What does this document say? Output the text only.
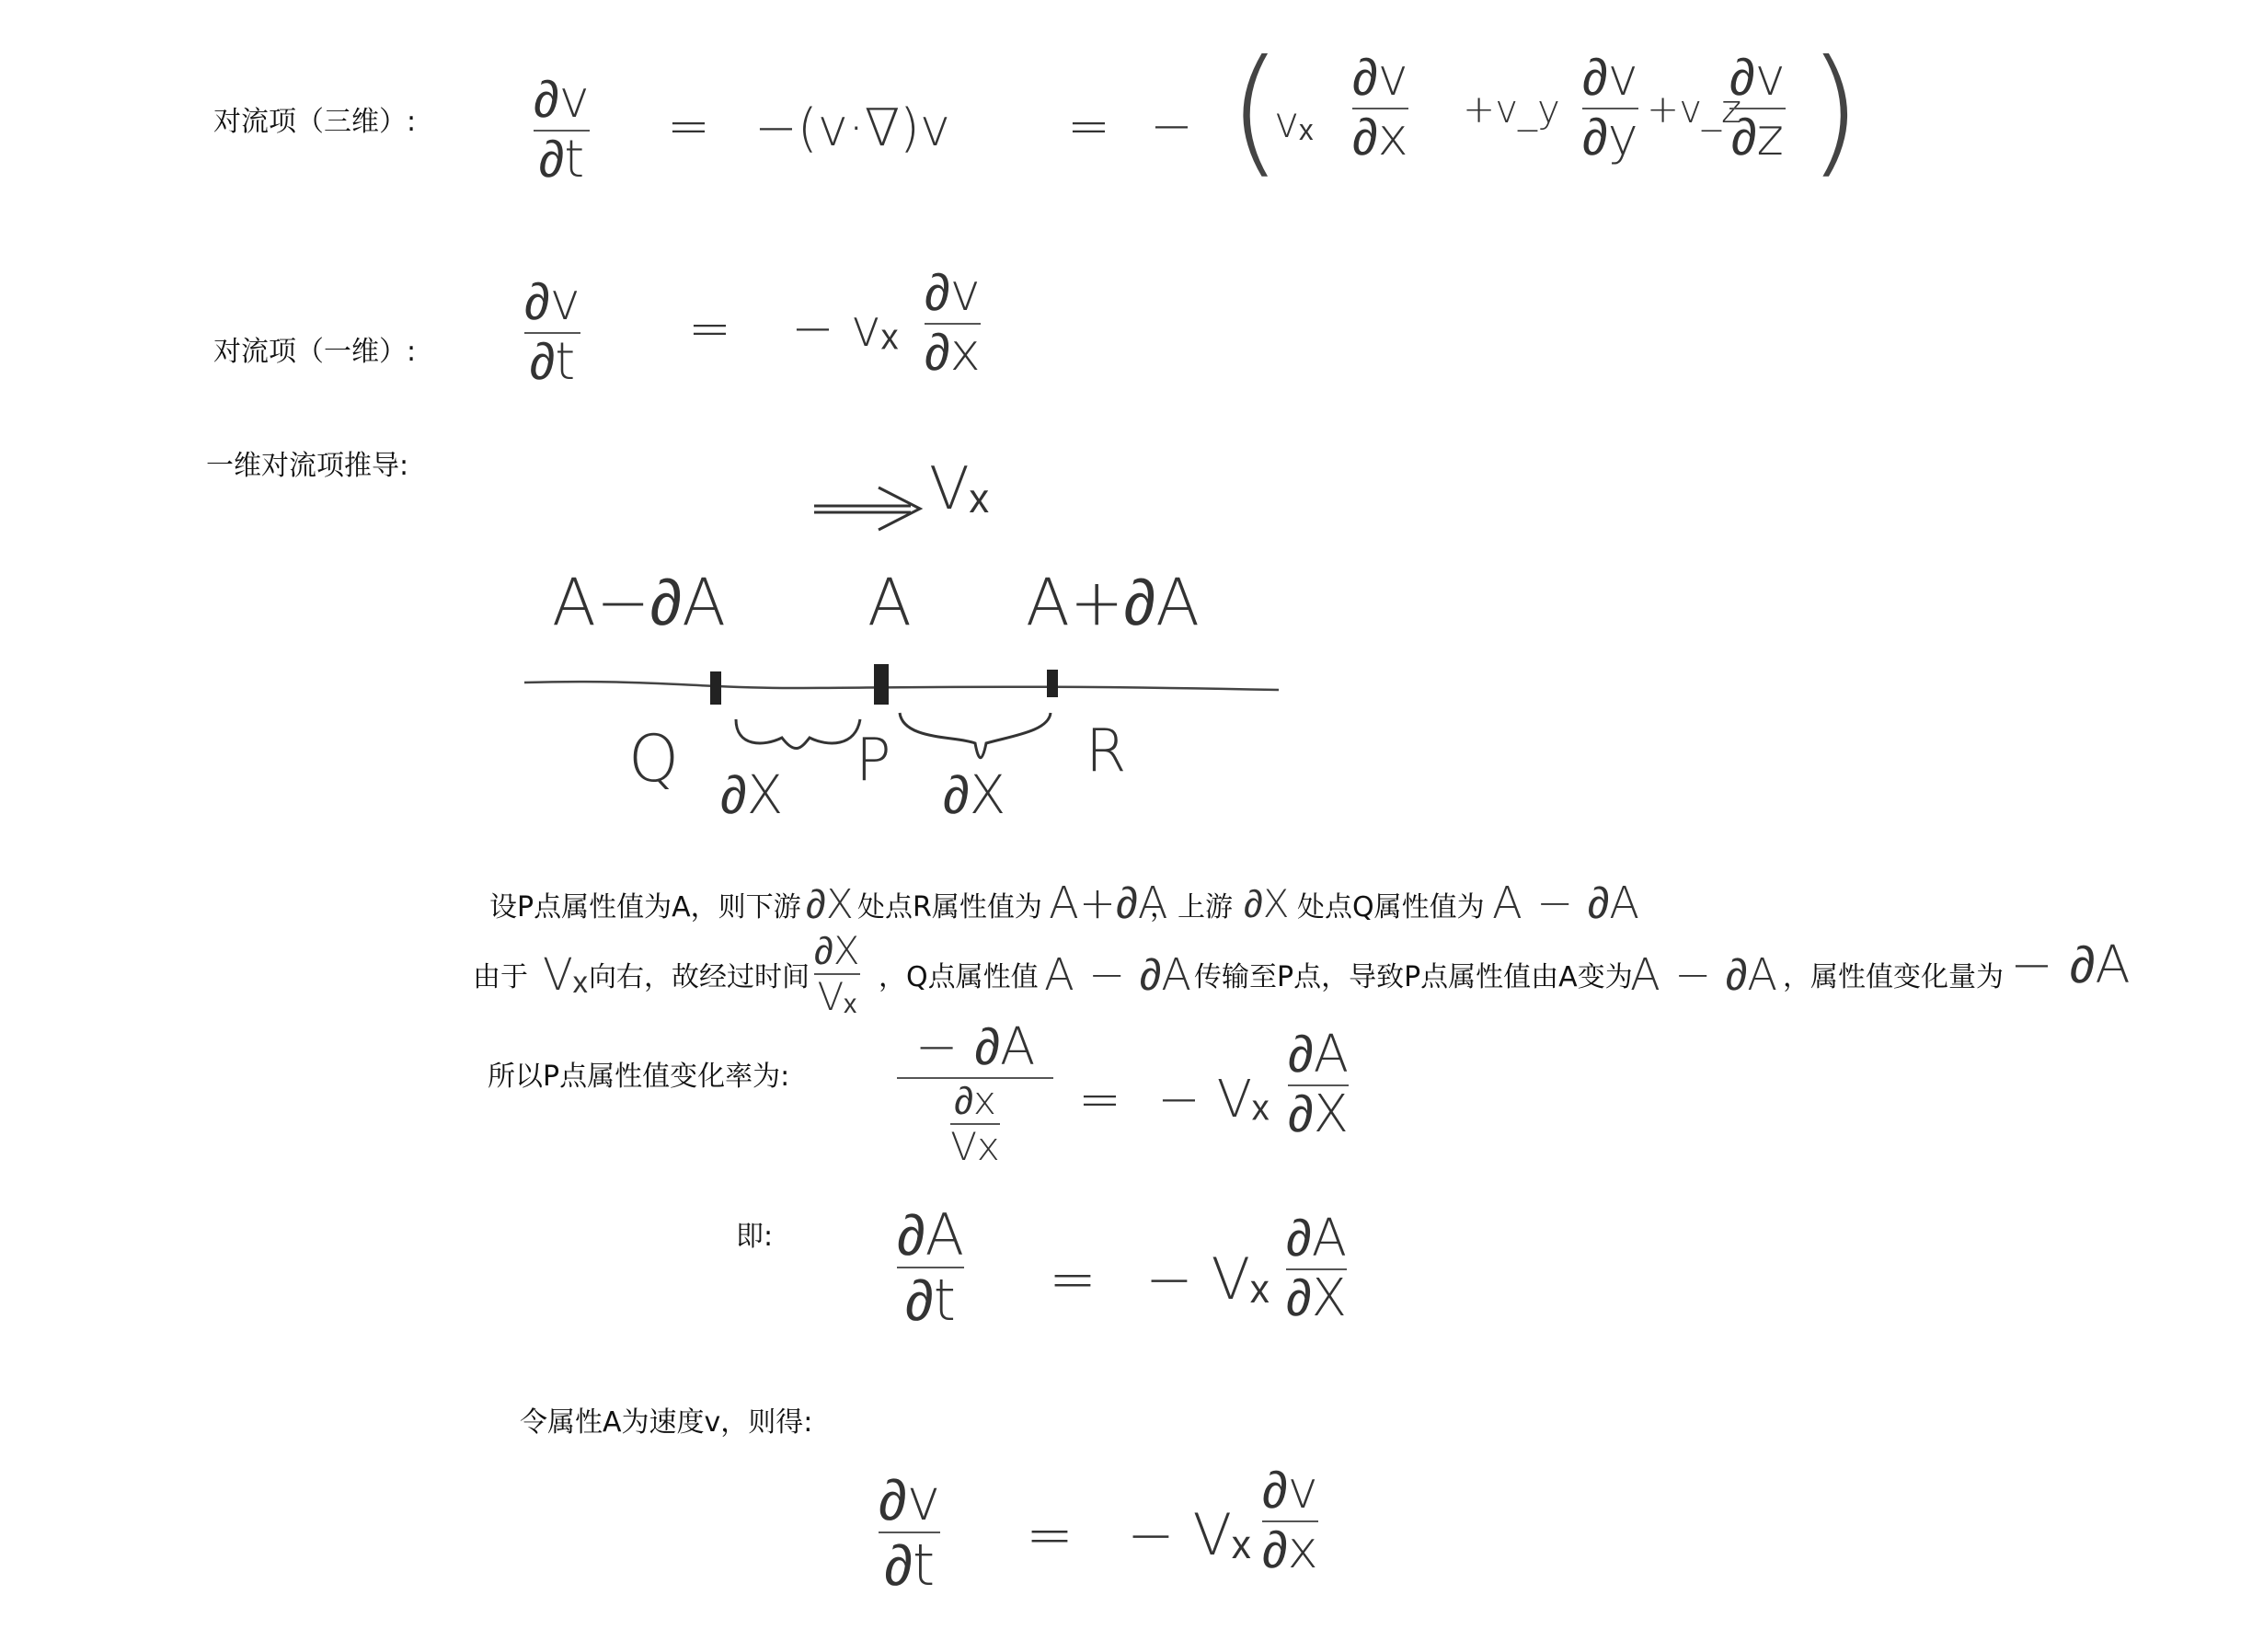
对流项（三维）: ∂v
∂t
= −(v·∇)v = − (
vₓ
∂v
∂x +v_y
∂v
∂y +v_z
∂v
∂z )
对流项（一维）:
∂v
∂t
= − vₓ
∂v
∂x
一维对流项推导:	Vₓ
A−∂A A A+∂A
Q	P	R
∂X	∂X
设P点属性值为A，则下游 ∂X 处点R属性值为 A+∂A
，上游 ∂X 处点Q属性值为 A − ∂A
由于 Vₓ 向右，故经过时间
∂X
Vₓ ，Q点属性值 A − ∂A 传输至P点，导致P点属性值由A变为
A − ∂A ，属性值变化量为 − ∂A
所以P点属性值变化率为: − ∂A
$\frac{\partial x}{Vx}$ = − Vₓ
∂A
∂X
即: ∂A
∂t = − Vₓ
∂A
∂X
令属性A为速度v，则得:
∂v
∂t = − Vₓ
∂v
∂x
